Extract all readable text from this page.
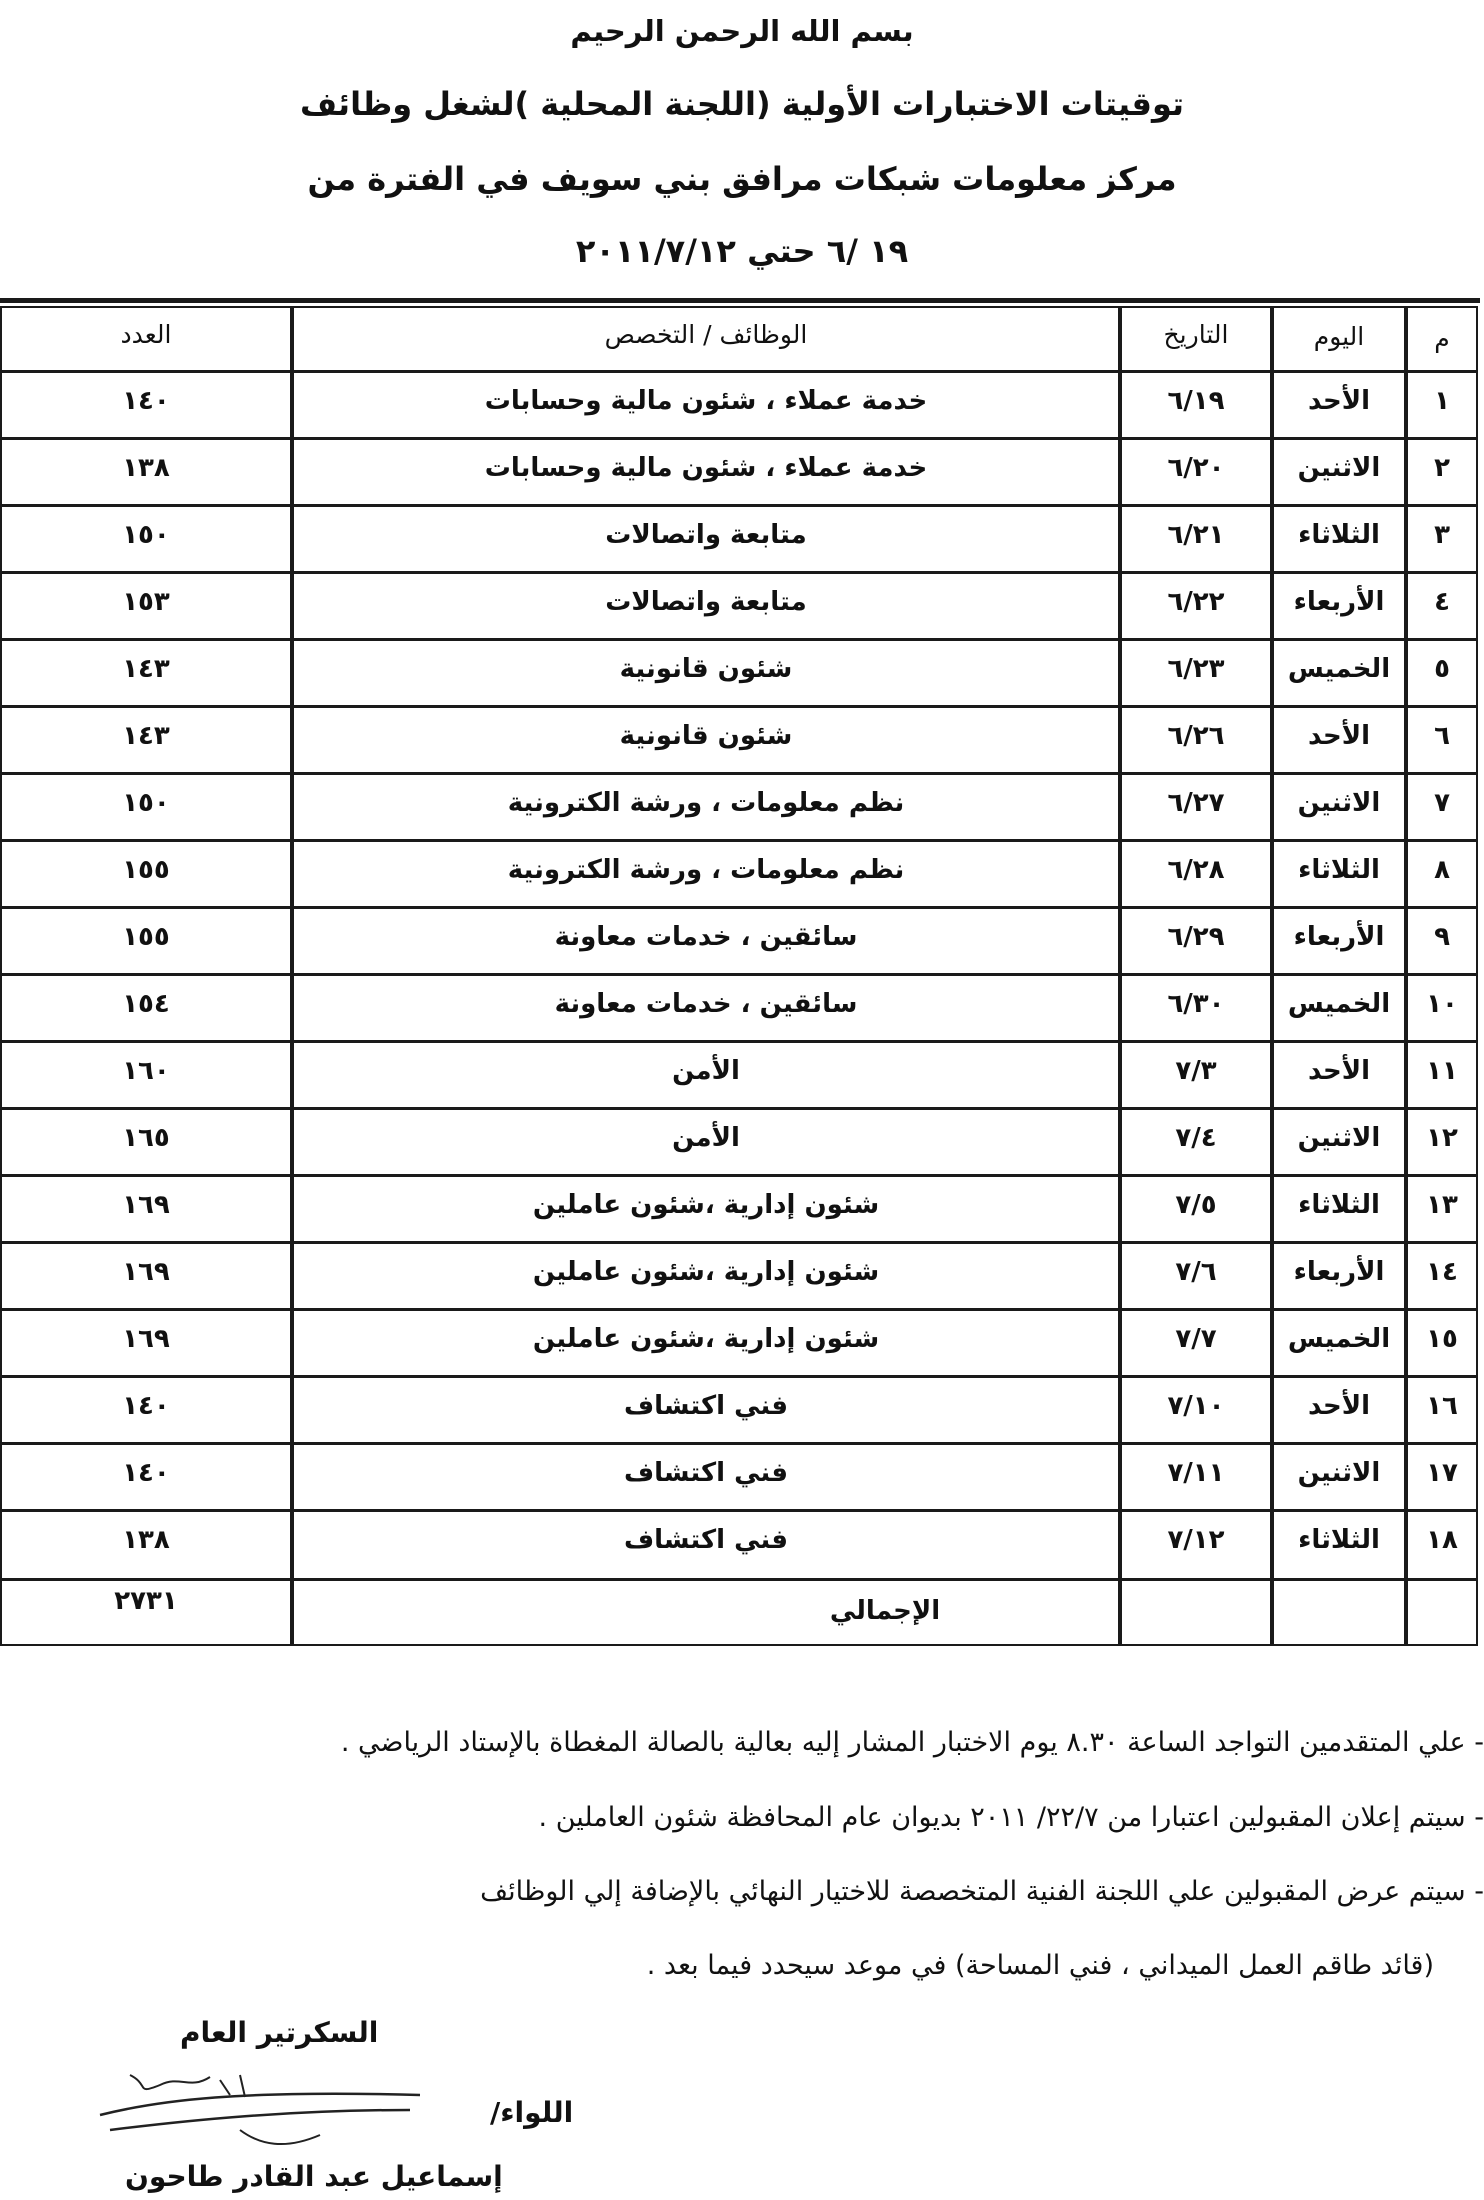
بسم الله الرحمن الرحيم
توقيتات الاختبارات الأولية (اللجنة المحلية )لشغل وظائف
مركز معلومات شبكات مرافق بني سويف في الفترة من
١٩ /٦ حتي ٢٠١١/٧/١٢
م
اليوم
التاريخ
الوظائف / التخصص
العدد
١
الأحد
٦/١٩
خدمة عملاء ، شئون مالية وحسابات
١٤٠
٢
الاثنين
٦/٢٠
خدمة عملاء ، شئون مالية وحسابات
١٣٨
٣
الثلاثاء
٦/٢١
متابعة واتصالات
١٥٠
٤
الأربعاء
٦/٢٢
متابعة واتصالات
١٥٣
٥
الخميس
٦/٢٣
شئون قانونية
١٤٣
٦
الأحد
٦/٢٦
شئون قانونية
١٤٣
٧
الاثنين
٦/٢٧
نظم معلومات ، ورشة الكترونية
١٥٠
٨
الثلاثاء
٦/٢٨
نظم معلومات ، ورشة الكترونية
١٥٥
٩
الأربعاء
٦/٢٩
سائقين ، خدمات معاونة
١٥٥
١٠
الخميس
٦/٣٠
سائقين ، خدمات معاونة
١٥٤
١١
الأحد
٧/٣
الأمن
١٦٠
١٢
الاثنين
٧/٤
الأمن
١٦٥
١٣
الثلاثاء
٧/٥
شئون إدارية ،شئون عاملين
١٦٩
١٤
الأربعاء
٧/٦
شئون إدارية ،شئون عاملين
١٦٩
١٥
الخميس
٧/٧
شئون إدارية ،شئون عاملين
١٦٩
١٦
الأحد
٧/١٠
فني اكتشاف
١٤٠
١٧
الاثنين
٧/١١
فني اكتشاف
١٤٠
١٨
الثلاثاء
٧/١٢
فني اكتشاف
١٣٨
الإجمالي
٢٧٣١
- علي المتقدمين التواجد الساعة ٨.٣٠ يوم الاختبار المشار إليه بعالية بالصالة المغطاة بالإستاد الرياضي .
- سيتم إعلان المقبولين اعتبارا من ٢٢/٧/ ٢٠١١ بديوان عام المحافظة شئون العاملين .
- سيتم عرض المقبولين علي اللجنة الفنية المتخصصة للاختيار النهائي بالإضافة إلي الوظائف
(قائد طاقم العمل الميداني ، فني المساحة) في موعد سيحدد فيما بعد .
السكرتير العام
اللواء/
إسماعيل عبد القادر طاحون
